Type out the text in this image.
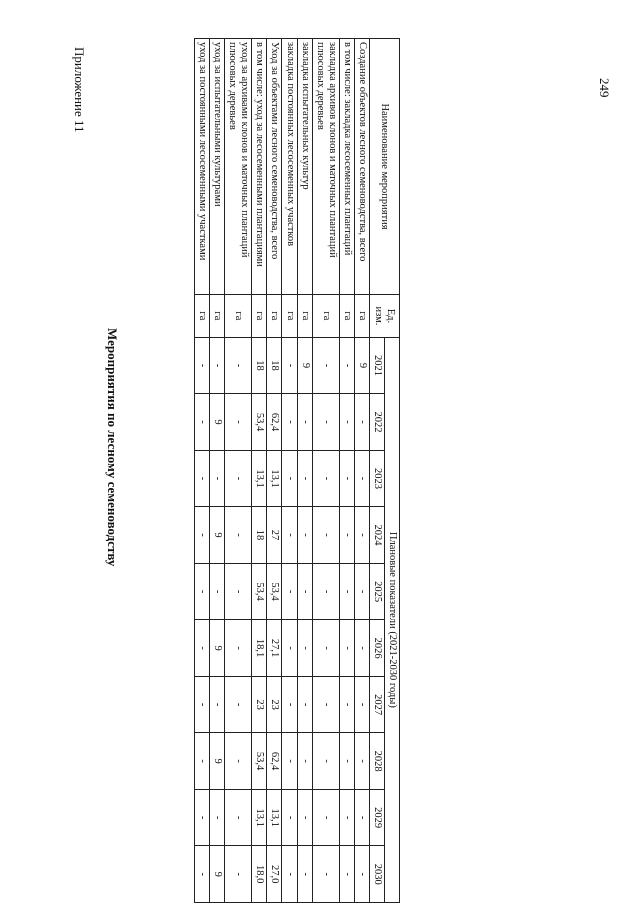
249
Приложение 11
Мероприятия по лесному семеноводству
Наименование мероприятия	Ед. изм.	Плановые показатели (2021-2030 годы)									
		2021	2022	2023	2024	2025	2026	2027	2028	2029	2030
Создание объектов лесного семеноводства, всего	га	9	-	-	-	-	-	-	-	-	-
в том числе: закладка лесосеменных плантаций	га	-	-	-	-	-	-	-	-	-	-
закладка архивов клонов и маточных плантаций плюсовых деревьев	га	-	-	-	-	-	-	-	-	-	-
закладка испытательных культур	га	9	-	-	-	-	-	-	-	-	-
закладка постоянных лесосеменных участков	га	-	-	-	-	-	-	-	-	-	-
Уход за объектами лесного семеноводства, всего	га	18	62,4	13,1	27	53,4	27,1	23	62,4	13,1	27,0
в том числе: уход за лесосеменными плантациями	га	18	53,4	13,1	18	53,4	18,1	23	53,4	13,1	18,0
уход за архивами клонов и маточных плантаций плюсовых деревьев	га	-	-	-	-	-	-	-	-	-	-
уход за испытательными культурами	га	-	9	-	9	-	9	-	9	-	9
уход за постоянными лесосеменными участками	га	-	-	-	-	-	-	-	-	-	-
